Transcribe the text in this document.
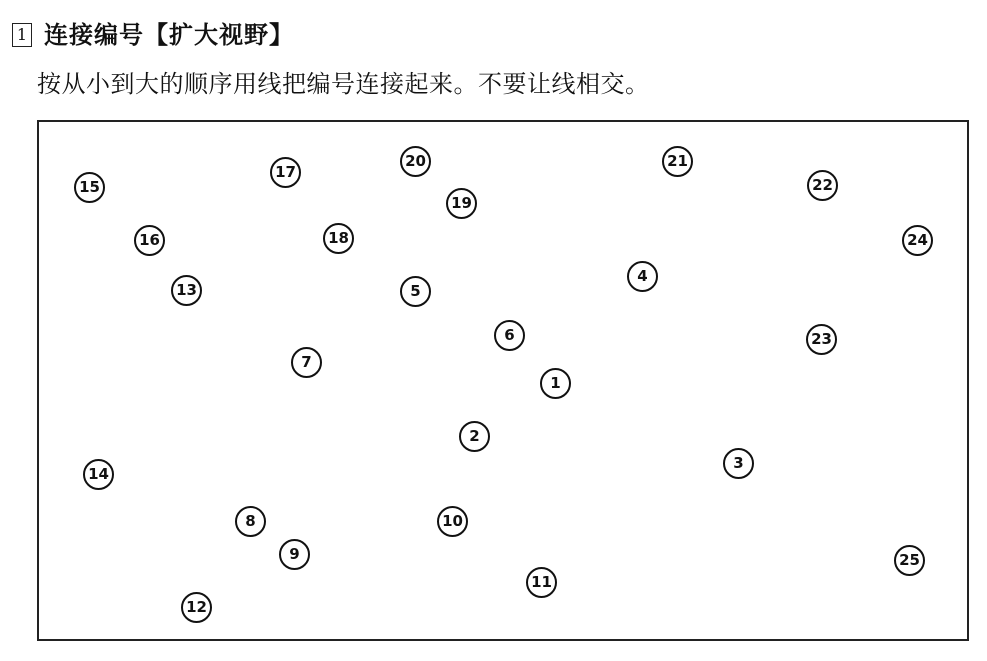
1 连接编号【扩大视野】
按从小到大的顺序用线把编号连接起来。不要让线相交。
1
2
3
4
5
6
7
8
9
10
11
12
13
14
15
16
17
18
19
20	21
22
23
24
25
